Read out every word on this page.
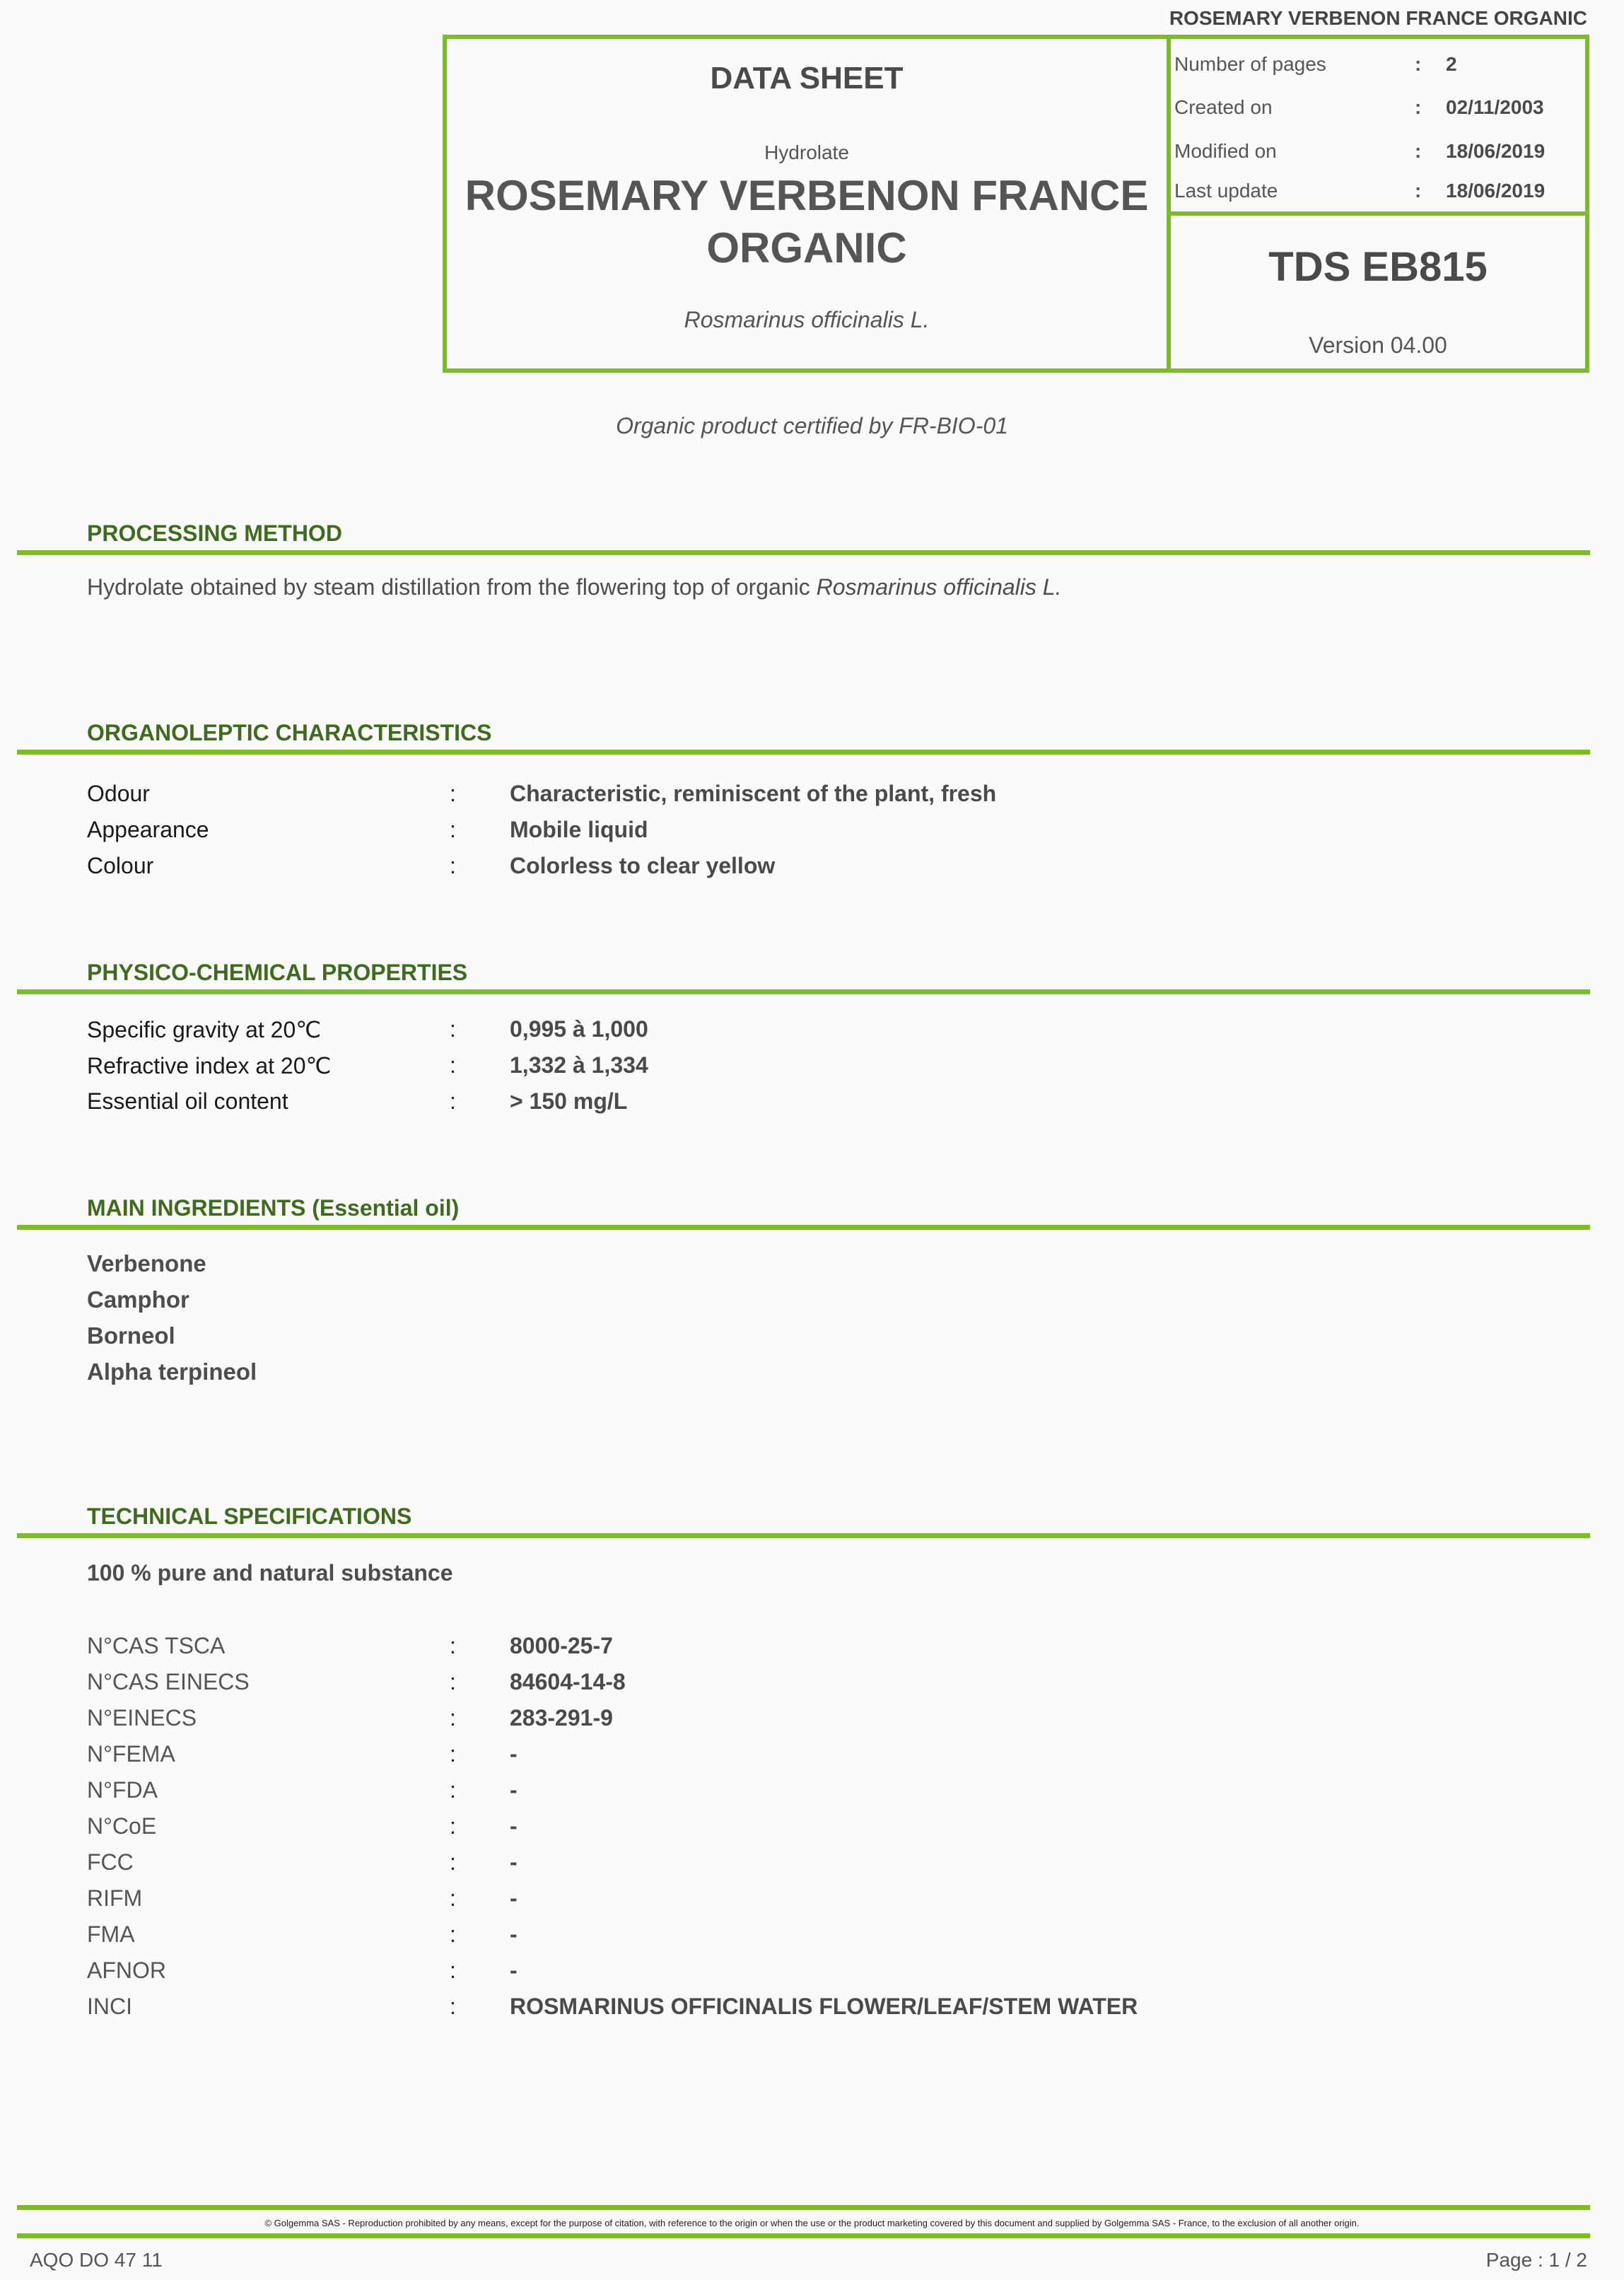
ROSEMARY VERBENON FRANCE ORGANIC
DATA SHEET
Hydrolate
ROSEMARY VERBENON FRANCE
ORGANIC
Rosmarinus officinalis L.
Number of pages	: 2
Created on	: 02/11/2003
Modified on	: 18/06/2019
Last update	: 18/06/2019
TDS EB815
Version 04.00
Organic product certified by FR-BIO-01
PROCESSING METHOD
Hydrolate obtained by steam distillation from the flowering top of organic Rosmarinus officinalis L.
ORGANOLEPTIC CHARACTERISTICS
Odour	: Characteristic, reminiscent of the plant, fresh
Appearance	: Mobile liquid
Colour	: Colorless to clear yellow
PHYSICO-CHEMICAL PROPERTIES
Specific gravity at 20℃	: 0,995 à 1,000
Refractive index at 20℃	: 1,332 à 1,334
Essential oil content	: > 150 mg/L
MAIN INGREDIENTS (Essential oil)
Verbenone
Camphor
Borneol
Alpha terpineol
TECHNICAL SPECIFICATIONS
100 % pure and natural substance
N°CAS TSCA	: 8000-25-7
N°CAS EINECS	: 84604-14-8
N°EINECS	: 283-291-9
N°FEMA	: -
N°FDA	: -
N°CoE	: -
FCC	: -
RIFM	: -
FMA	: -
AFNOR	: -
INCI	: ROSMARINUS OFFICINALIS FLOWER/LEAF/STEM WATER
© Golgemma SAS - Reproduction prohibited by any means, except for the purpose of citation, with reference to the origin or when the use or the product marketing covered by this document and supplied by Golgemma SAS - France, to the exclusion of all another origin.
AQO DO 47 11	Page : 1 / 2
